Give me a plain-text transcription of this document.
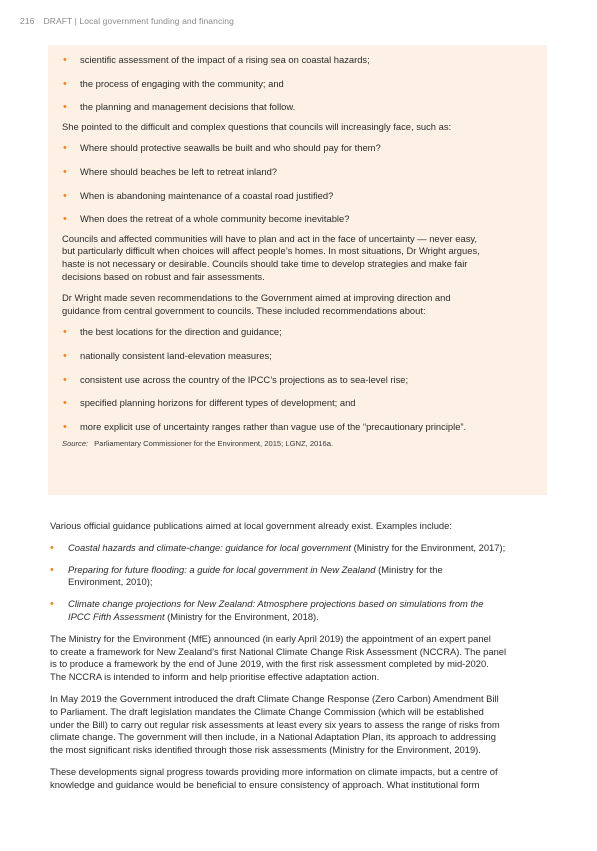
216 DRAFT | Local government funding and financing
• scientific assessment of the impact of a rising sea on coastal hazards;
• the process of engaging with the community; and
• the planning and management decisions that follow.

She pointed to the difficult and complex questions that councils will increasingly face, such as:

• Where should protective seawalls be built and who should pay for them?
• Where should beaches be left to retreat inland?
• When is abandoning maintenance of a coastal road justified?
• When does the retreat of a whole community become inevitable?

Councils and affected communities will have to plan and act in the face of uncertainty — never easy,
but particularly difficult when choices will affect people’s homes. In most situations, Dr Wright argues,
haste is not necessary or desirable. Councils should take time to develop strategies and make fair
decisions based on robust and fair assessments.

Dr Wright made seven recommendations to the Government aimed at improving direction and
guidance from central government to councils. These included recommendations about:

• the best locations for the direction and guidance;
• nationally consistent land-elevation measures;
• consistent use across the country of the IPCC’s projections as to sea-level rise;
• specified planning horizons for different types of development; and
• more explicit use of uncertainty ranges rather than vague use of the “precautionary principle”.
Source: Parliamentary Commissioner for the Environment, 2015; LGNZ, 2016a.

Various official guidance publications aimed at local government already exist. Examples include:

• Coastal hazards and climate-change: guidance for local government (Ministry for the Environment, 2017);
• Preparing for future flooding: a guide for local government in New Zealand (Ministry for the
Environment, 2010);
• Climate change projections for New Zealand: Atmosphere projections based on simulations from the
IPCC Fifth Assessment (Ministry for the Environment, 2018).

The Ministry for the Environment (MfE) announced (in early April 2019) the appointment of an expert panel
to create a framework for New Zealand’s first National Climate Change Risk Assessment (NCCRA). The panel
is to produce a framework by the end of June 2019, with the first risk assessment completed by mid-2020.
The NCCRA is intended to inform and help prioritise effective adaptation action.

In May 2019 the Government introduced the draft Climate Change Response (Zero Carbon) Amendment Bill
to Parliament. The draft legislation mandates the Climate Change Commission (which will be established
under the Bill) to carry out regular risk assessments at least every six years to assess the range of risks from
climate change. The government will then include, in a National Adaptation Plan, its approach to addressing
the most significant risks identified through those risk assessments (Ministry for the Environment, 2019).

These developments signal progress towards providing more information on climate impacts, but a centre of
knowledge and guidance would be beneficial to ensure consistency of approach. What institutional form
